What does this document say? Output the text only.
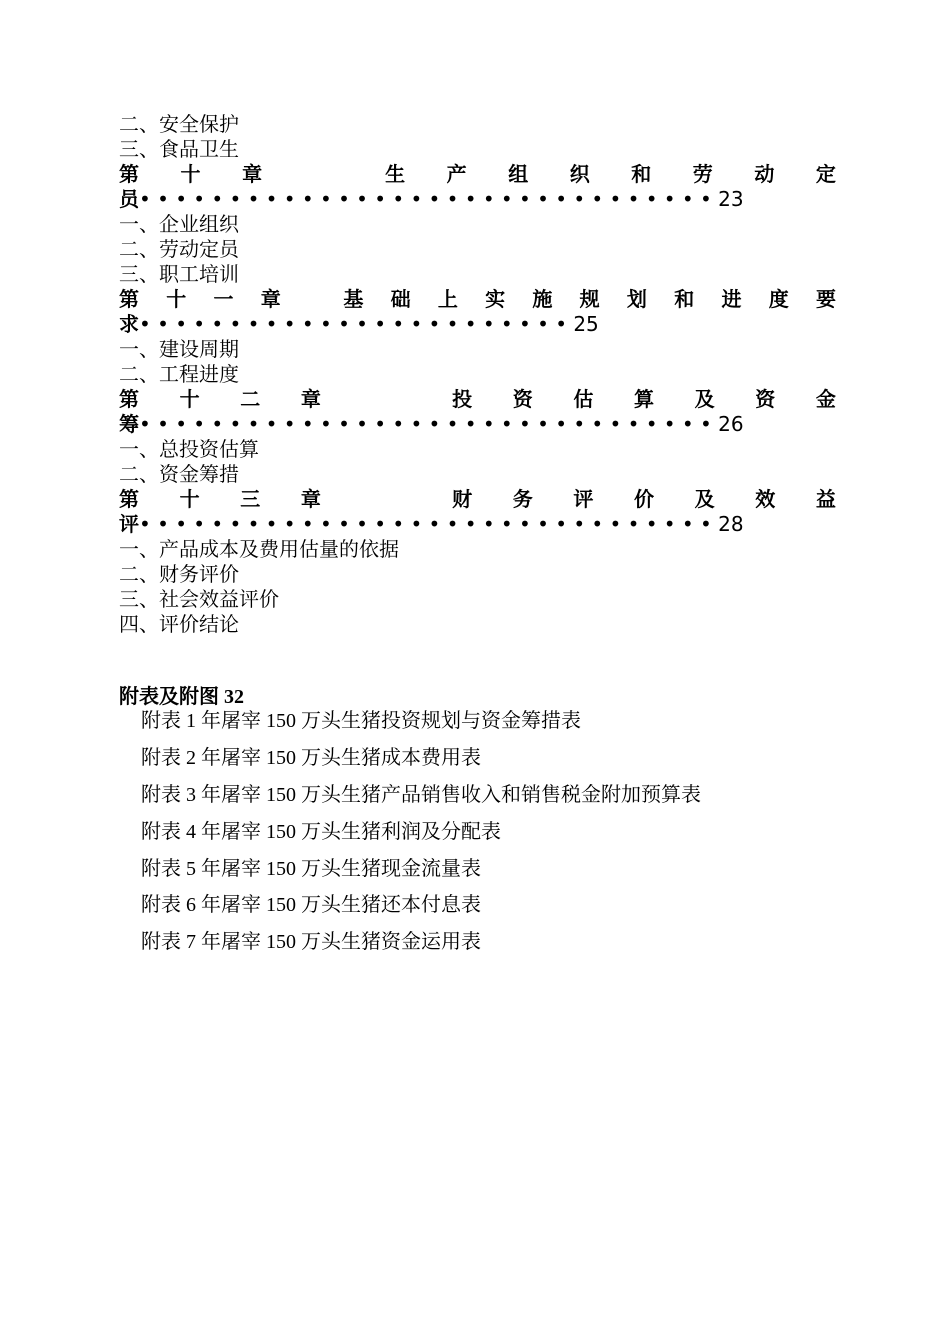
二、安全保护
三、食品卫生
第 十 章	生 产 组 织 和 劳 动 定
员••••••••••••••••••••••••••••••••23
一、企业组织
二、劳动定员
三、职工培训
第 十 一 章	基 础 上 实 施 规 划 和 进 度 要
求••••••••••••••••••••••••25
一、建设周期
二、工程进度
第 十 二 章	投 资 估 算 及 资 金
筹••••••••••••••••••••••••••••••••26
一、总投资估算
二、资金筹措
第 十 三 章	财 务 评 价 及 效 益
评••••••••••••••••••••••••••••••••28
一、产品成本及费用估量的依据
二、财务评价
三、社会效益评价
四、评价结论
附表及附图 32
附表 1 年屠宰 150 万头生猪投资规划与资金筹措表
附表 2 年屠宰 150 万头生猪成本费用表
附表 3 年屠宰 150 万头生猪产品销售收入和销售税金附加预算表
附表 4 年屠宰 150 万头生猪利润及分配表
附表 5 年屠宰 150 万头生猪现金流量表
附表 6 年屠宰 150 万头生猪还本付息表
附表 7 年屠宰 150 万头生猪资金运用表
